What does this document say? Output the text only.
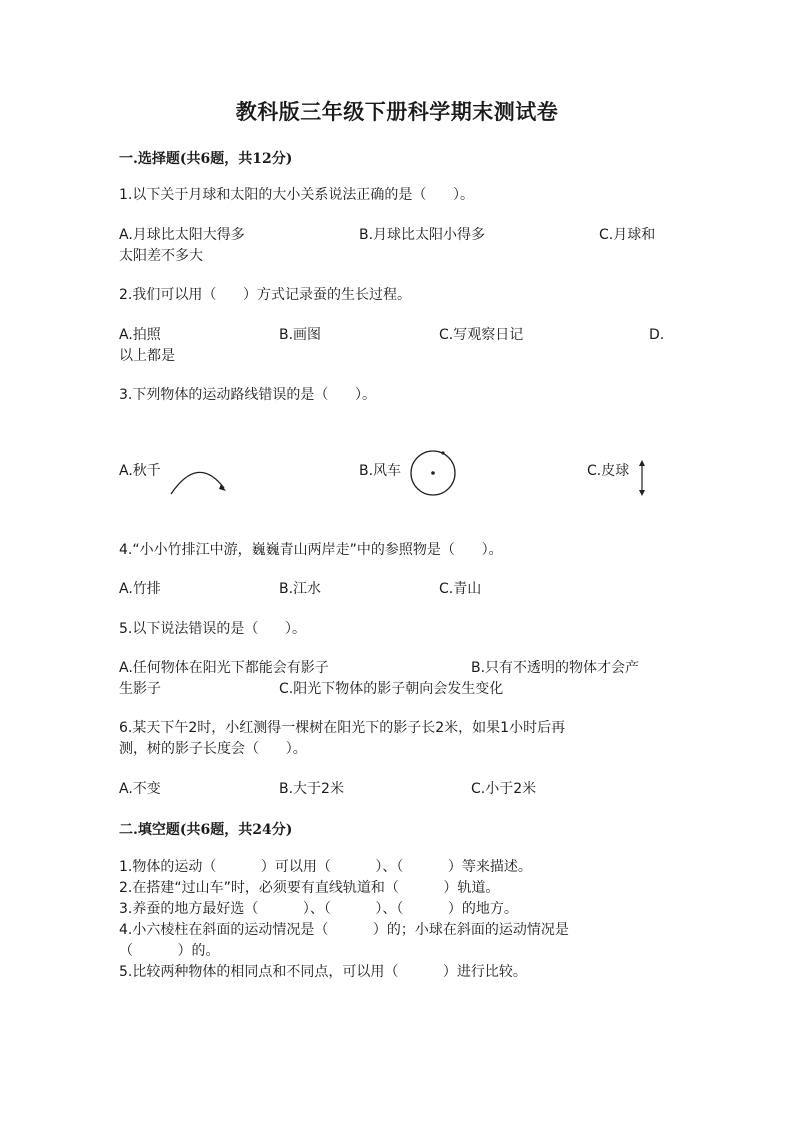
教科版三年级下册科学期末测试卷
一.选择题(共6题，共12分)
1.以下关于月球和太阳的大小关系说法正确的是（      ）。
A.月球比太阳大得多	B.月球比太阳小得多	C.月球和
太阳差不多大
2.我们可以用（      ）方式记录蚕的生长过程。
A.拍照	B.画图	C.写观察日记	D.
以上都是
3.下列物体的运动路线错误的是（      ）。
A.秋千	B.风车	C.皮球
4.“小小竹排江中游，巍巍青山两岸走”中的参照物是（      ）。
A.竹排	B.江水	C.青山
5.以下说法错误的是（      ）。
A.任何物体在阳光下都能会有影子	B.只有不透明的物体才会产
生影子	C.阳光下物体的影子朝向会发生变化
6.某天下午2时，小红测得一棵树在阳光下的影子长2米，如果1小时后再
测，树的影子长度会（      ）。
A.不变	B.大于2米	C.小于2米
二.填空题(共6题，共24分)
1.物体的运动（          ）可以用（          ）、（          ）等来描述。
2.在搭建“过山车”时，必须要有直线轨道和（          ）轨道。
3.养蚕的地方最好选（          ）、（          ）、（          ）的地方。
4.小六棱柱在斜面的运动情况是（          ）的；小球在斜面的运动情况是
（          ）的。
5.比较两种物体的相同点和不同点，可以用（          ）进行比较。
